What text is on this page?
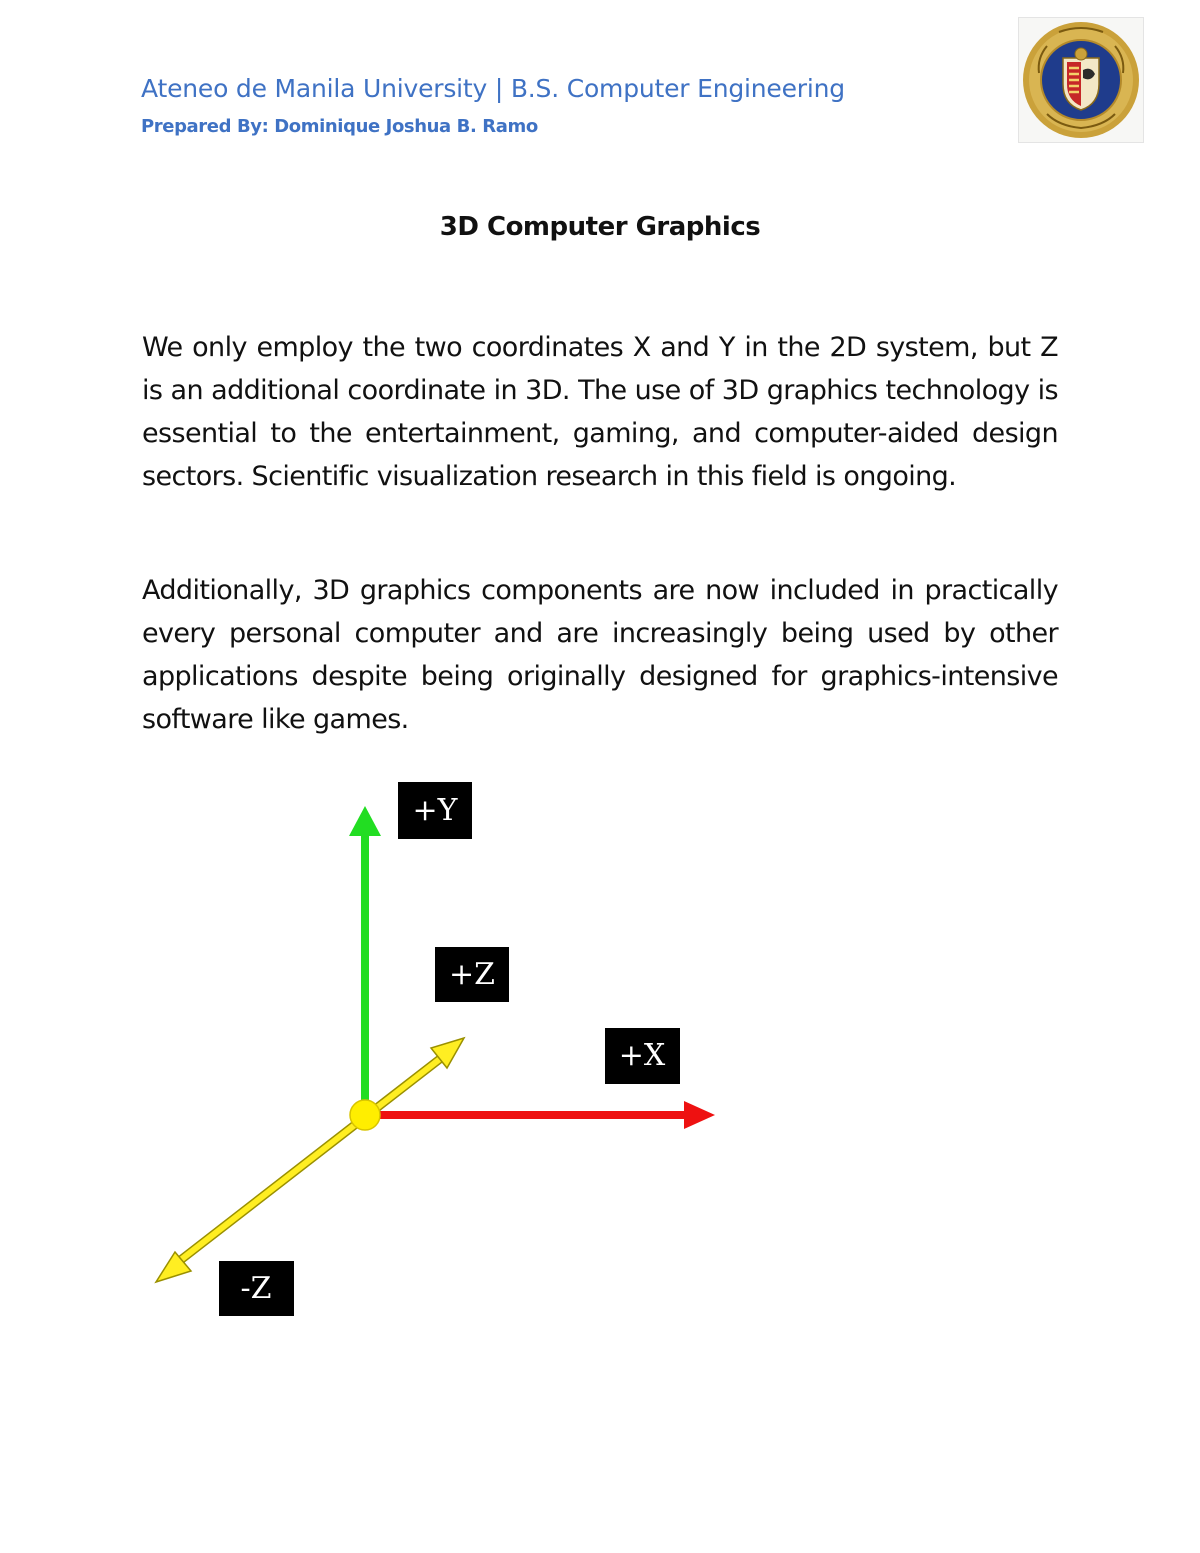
Ateneo de Manila University | B.S. Computer Engineering
Prepared By: Dominique Joshua B. Ramo
3D Computer Graphics
We only employ the two coordinates X and Y in the 2D system, but Z is an additional coordinate in 3D. The use of 3D graphics technology is essential to the entertainment, gaming, and computer-aided design sectors. Scientific visualization research in this field is ongoing.
Additionally, 3D graphics components are now included in practically every personal computer and are increasingly being used by other applications despite being originally designed for graphics-intensive software like games.
+Y
+Z
+X
-Z
